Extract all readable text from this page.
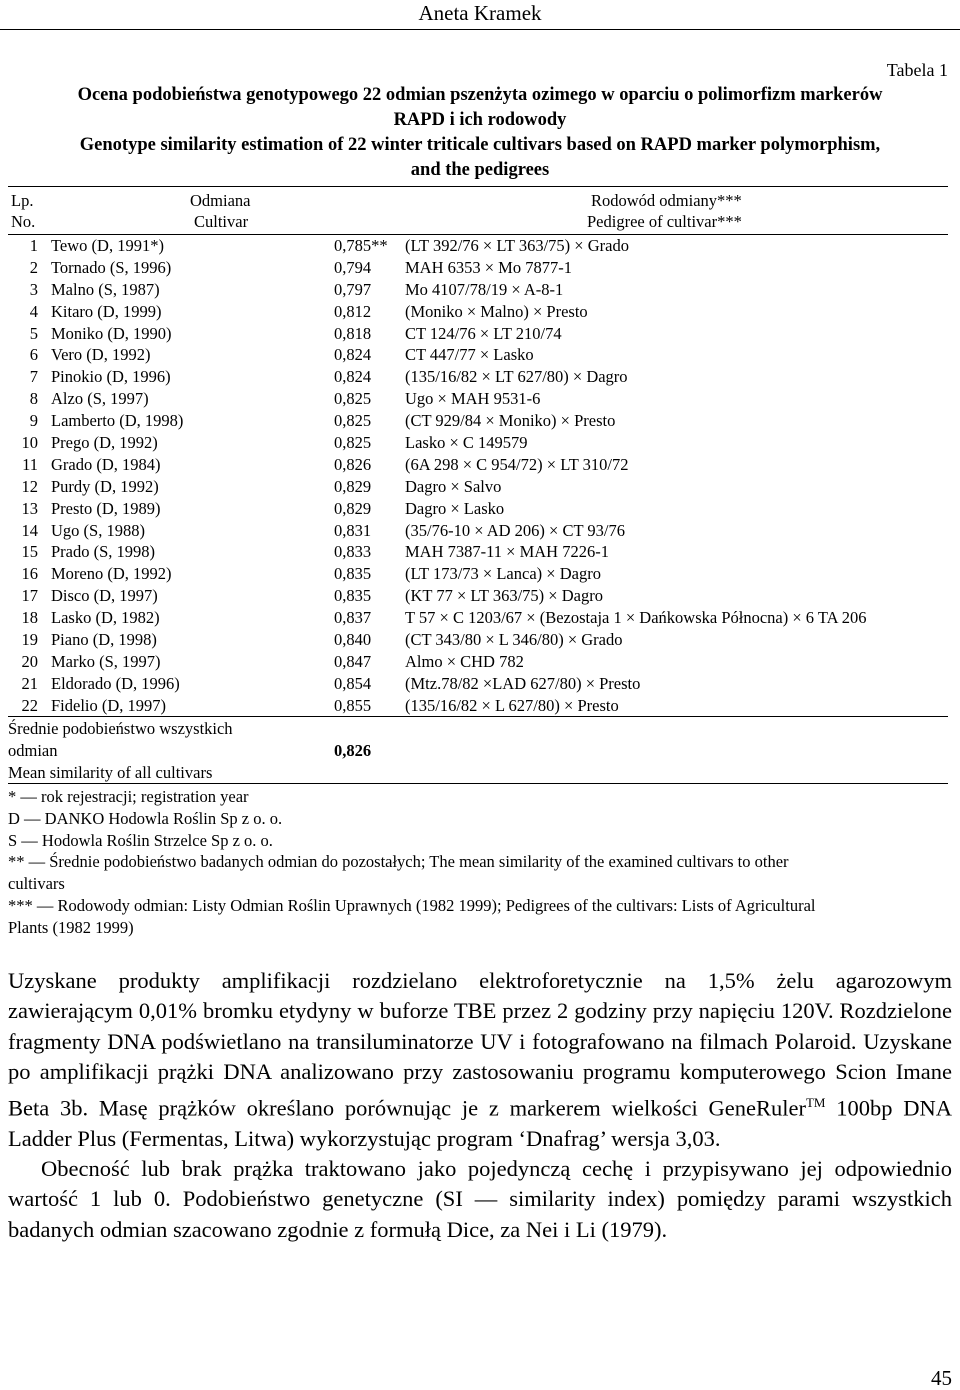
Aneta Kramek
Tabela 1
Ocena podobieństwa genotypowego 22 odmian pszenżyta ozimego w oparciu o polimorfizm markerów
RAPD i ich rodowody
Genotype similarity estimation of 22 winter triticale cultivars based on RAPD marker polymorphism,
and the pedigrees
Lp.
No.
Odmiana
Cultivar
Rodowód odmiany***
Pedigree of cultivar***
1 Tewo (D, 1991*)	0,785** (LT 392/76 × LT 363/75) × Grado
2 Tornado (S, 1996)	0,794 MAH 6353 × Mo 7877-1
3 Malno (S, 1987)	0,797 Mo 4107/78/19 × A-8-1
4 Kitaro (D, 1999)	0,812 (Moniko × Malno) × Presto
5 Moniko (D, 1990)	0,818 CT 124/76 × LT 210/74
6 Vero (D, 1992)	0,824 CT 447/77 × Lasko
7 Pinokio (D, 1996)	0,824 (135/16/82 × LT 627/80) × Dagro
8 Alzo (S, 1997)	0,825 Ugo × MAH 9531-6
9 Lamberto (D, 1998)	0,825 (CT 929/84 × Moniko) × Presto
10 Prego (D, 1992)	0,825 Lasko × C 149579
11 Grado (D, 1984)	0,826 (6A 298 × C 954/72) × LT 310/72
12 Purdy (D, 1992)	0,829 Dagro × Salvo
13 Presto (D, 1989)	0,829 Dagro × Lasko
14 Ugo (S, 1988)	0,831 (35/76-10 × AD 206) × CT 93/76
15 Prado (S, 1998)	0,833 MAH 7387-11 × MAH 7226-1
16 Moreno (D, 1992)	0,835 (LT 173/73 × Lanca) × Dagro
17 Disco (D, 1997)	0,835 (KT 77 × LT 363/75) × Dagro
18 Lasko (D, 1982)	0,837 T 57 × C 1203/67 × (Bezostaja 1 × Dańkowska Północna) × 6 TA 206
19 Piano (D, 1998)	0,840 (CT 343/80 × L 346/80) × Grado
20 Marko (S, 1997)	0,847 Almo × CHD 782
21 Eldorado (D, 1996)	0,854 (Mtz.78/82 ×LAD 627/80) × Presto
22 Fidelio (D, 1997)	0,855 (135/16/82 × L 627/80) × Presto
Średnie podobieństwo wszystkich
odmian	0,826
Mean similarity of all cultivars
* — rok rejestracji; registration year
D — DANKO Hodowla Roślin Sp z o. o.
S — Hodowla Roślin Strzelce Sp z o. o.
** — Średnie podobieństwo badanych odmian do pozostałych; The mean similarity of the examined cultivars to other
cultivars
*** — Rodowody odmian: Listy Odmian Roślin Uprawnych (1982 1999); Pedigrees of the cultivars: Lists of Agricultural
Plants (1982 1999)

Uzyskane produkty amplifikacji rozdzielano elektroforetycznie na 1,5% żelu agarozowym zawierającym 0,01% bromku etydyny w buforze TBE przez 2 godziny przy napięciu 120V. Rozdzielone fragmenty DNA podświetlano na transiluminatorze UV i fotografowano na filmach Polaroid. Uzyskane po amplifikacji prążki DNA analizowano przy zastosowaniu programu komputerowego Scion Imane Beta 3b. Masę prążków określano porównując je z markerem wielkości GeneRuler™ 100bp DNA Ladder Plus (Fermentas, Litwa) wykorzystując program ‘Dnafrag’ wersja 3,03.

Obecność lub brak prążka traktowano jako pojedynczą cechę i przypisywano jej odpowiednio wartość 1 lub 0. Podobieństwo genetyczne (SI — similarity index) pomiędzy parami wszystkich badanych odmian szacowano zgodnie z formułą Dice, za Nei i Li (1979).

45
